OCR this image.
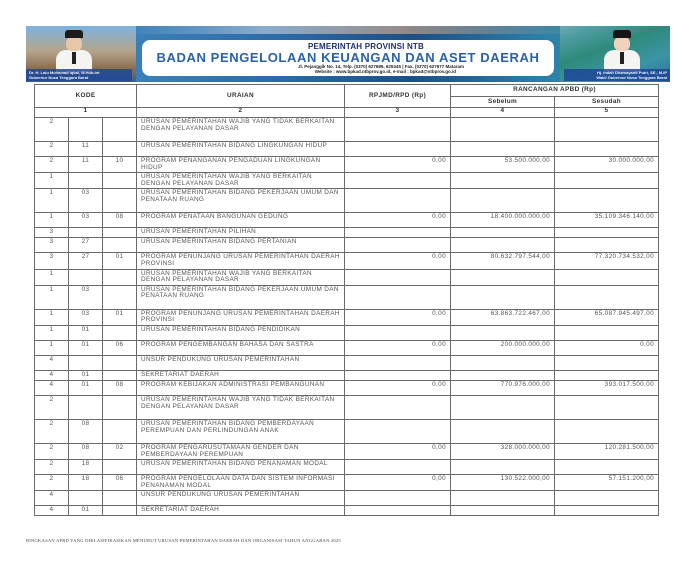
Dr. H. Lalu Muhamad Iqbal, M.Hub.Int
Gubernur Nusa Tenggara Barat
PEMERINTAH PROVINSI NTB
BADAN PENGELOLAAN KEUANGAN DAN ASET DAERAH
Jl. Pejanggik No. 14, Telp. (0370) 627689, 625345 | Fax. (0370) 627677 Mataram
Website : www.bpkad.ntbprov.go.id, e-mail : bpkad@ntbprov.go.id	Hj. Indah Dhamayanti Putri, SE., M.IP
Wakil Gubernur Nusa Tenggara Barat
KODE			URAIAN	RPJMD/RPD (Rp)	RANCANGAN APBD (Rp)	
					Sebelum	Sesudah
1			2	3	4	5
2			URUSAN PEMERINTAHAN WAJIB YANG TIDAK BERKAITAN DENGAN PELAYANAN DASAR			
2	11		URUSAN PEMERINTAHAN BIDANG LINGKUNGAN HIDUP			
2	11	10	PROGRAM PENANGANAN PENGADUAN LINGKUNGAN HIDUP	0,00	53.500.000,00	30.000.000,00
1			URUSAN PEMERINTAHAN WAJIB YANG BERKAITAN DENGAN PELAYANAN DASAR			
1	03		URUSAN PEMERINTAHAN BIDANG PEKERJAAN UMUM DAN PENATAAN RUANG			
1	03	08	PROGRAM PENATAAN BANGUNAN GEDUNG	0,00	18.400.000.000,00	35.109.346.140,00
3			URUSAN PEMERINTAHAN PILIHAN			
3	27		URUSAN PEMERINTAHAN BIDANG PERTANIAN			
3	27	01	PROGRAM PENUNJANG URUSAN PEMERINTAHAN DAERAH PROVINSI	0,00	80.632.797.544,00	77.320.734.532,00
1			URUSAN PEMERINTAHAN WAJIB YANG BERKAITAN DENGAN PELAYANAN DASAR			
1	03		URUSAN PEMERINTAHAN BIDANG PEKERJAAN UMUM DAN PENATAAN RUANG			
1	03	01	PROGRAM PENUNJANG URUSAN PEMERINTAHAN DAERAH PROVINSI	0,00	63.863.722.467,00	65.087.945.497,00
1	01		URUSAN PEMERINTAHAN BIDANG PENDIDIKAN			
1	01	06	PROGRAM PENGEMBANGAN BAHASA DAN SASTRA	0,00	200.000.000,00	0,00
4			UNSUR PENDUKUNG URUSAN PEMERINTAHAN			
4	01		SEKRETARIAT DAERAH			
4	01	08	PROGRAM KEBIJAKAN ADMINISTRASI PEMBANGUNAN	0,00	770.976.000,00	393.017.500,00
2			URUSAN PEMERINTAHAN WAJIB YANG TIDAK BERKAITAN DENGAN PELAYANAN DASAR			
2	08		URUSAN PEMERINTAHAN BIDANG PEMBERDAYAAN PEREMPUAN DAN PERLINDUNGAN ANAK			
2	08	02	PROGRAM PENGARUSUTAMAAN GENDER DAN PEMBERDAYAAN PEREMPUAN	0,00	328.000.000,00	120.281.500,00
2	18		URUSAN PEMERINTAHAN BIDANG PENANAMAN MODAL			
2	18	06	PROGRAM PENGELOLAAN DATA DAN SISTEM INFORMASI PENANAMAN MODAL	0,00	130.522.000,00	57.151.200,00
4			UNSUR PENDUKUNG URUSAN PEMERINTAHAN			
4	01		SEKRETARIAT DAERAH			
RINGKASAN APBD YANG DIKLASIFIKASIKAN MENURUT URUSAN PEMERINTAHAN DAERAH DAN ORGANISASI TAHUN ANGGARAN 2025
